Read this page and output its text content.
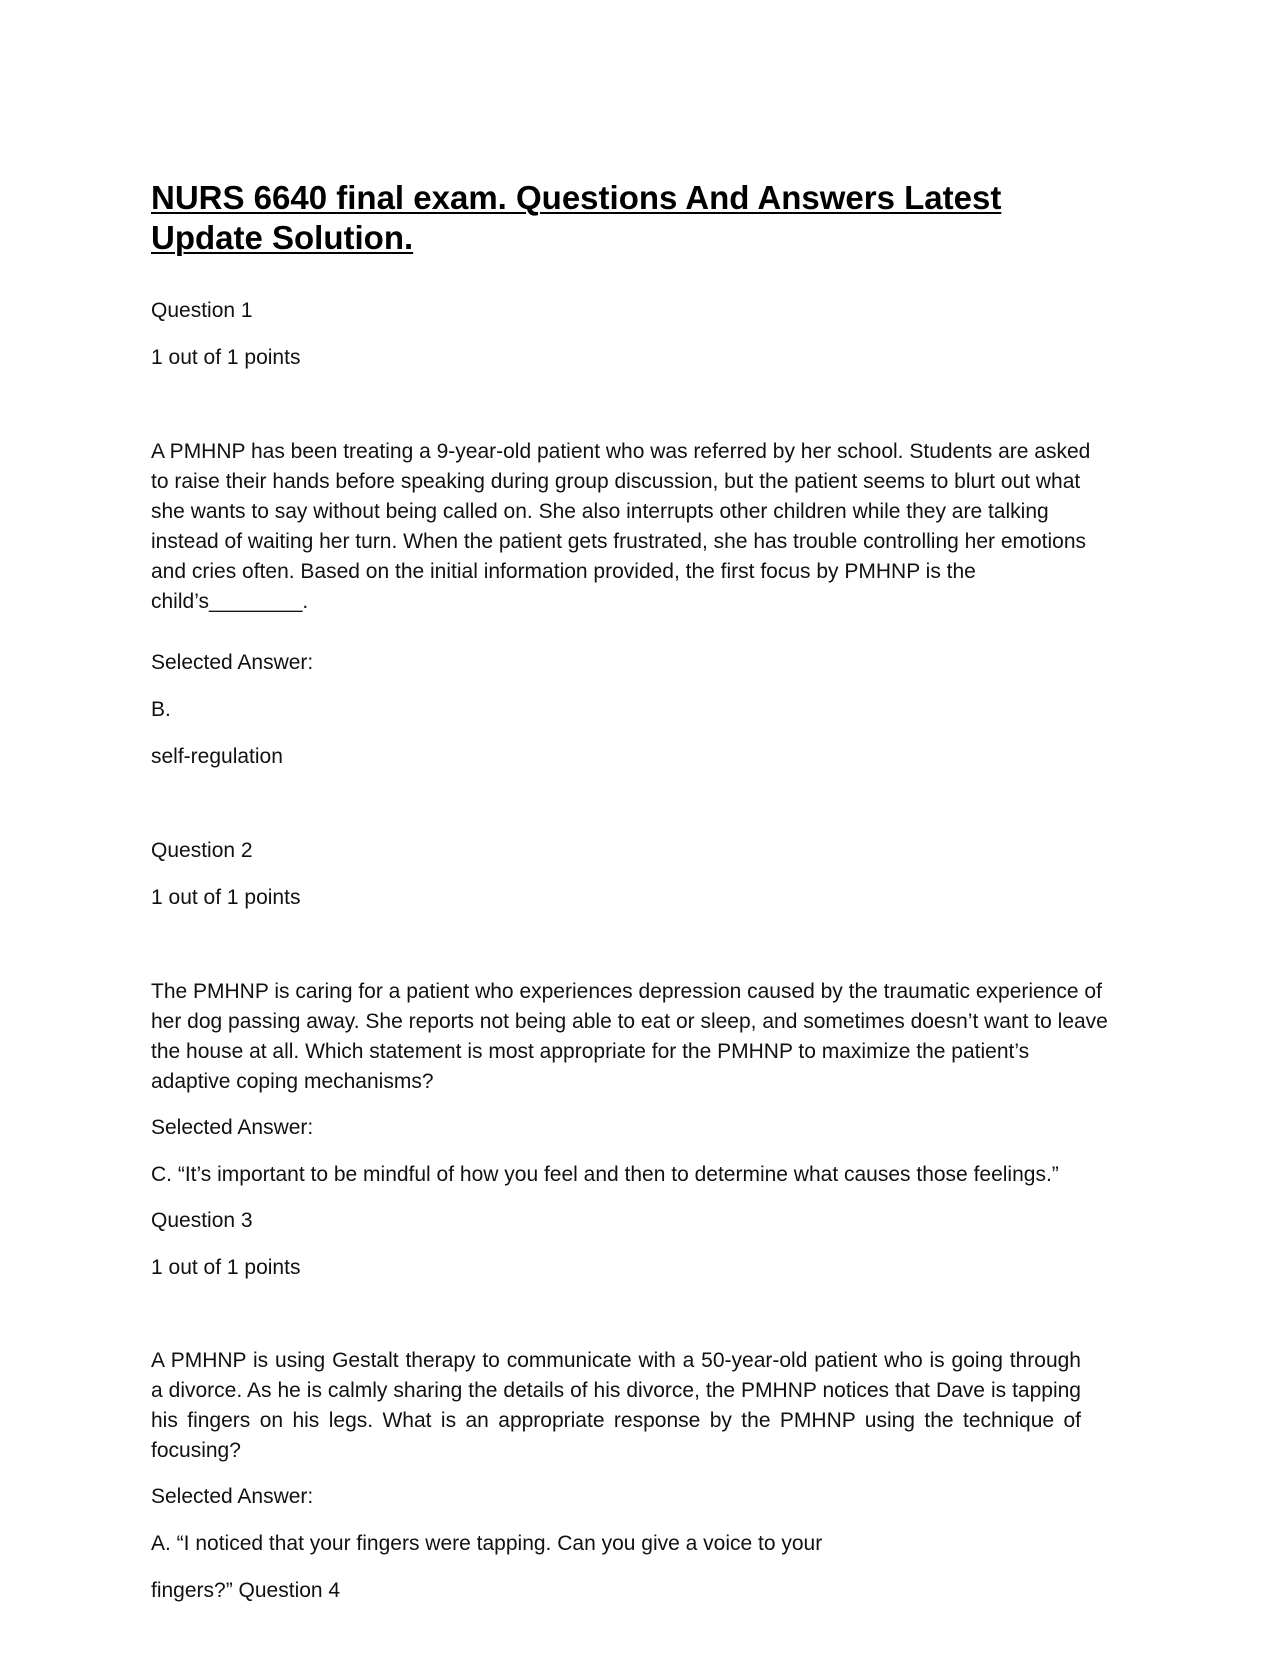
NURS 6640 final exam. Questions And Answers Latest Update Solution.

Question 1

1 out of 1 points

A PMHNP has been treating a 9-year-old patient who was referred by her school. Students are asked to raise their hands before speaking during group discussion, but the patient seems to blurt out what she wants to say without being called on. She also interrupts other children while they are talking instead of waiting her turn. When the patient gets frustrated, she has trouble controlling her emotions and cries often. Based on the initial information provided, the first focus by PMHNP is the child’s________.

Selected Answer:

B.

self-regulation

Question 2

1 out of 1 points

The PMHNP is caring for a patient who experiences depression caused by the traumatic experience of her dog passing away. She reports not being able to eat or sleep, and sometimes doesn’t want to leave the house at all. Which statement is most appropriate for the PMHNP to maximize the patient’s adaptive coping mechanisms?

Selected Answer:

C. “It’s important to be mindful of how you feel and then to determine what causes those feelings.”

Question 3

1 out of 1 points

A PMHNP is using Gestalt therapy to communicate with a 50-year-old patient who is going through a divorce. As he is calmly sharing the details of his divorce, the PMHNP notices that Dave is tapping his fingers on his legs. What is an appropriate response by the PMHNP using the technique of focusing?

Selected Answer:

A. “I noticed that your fingers were tapping. Can you give a voice to your

fingers?” Question 4
